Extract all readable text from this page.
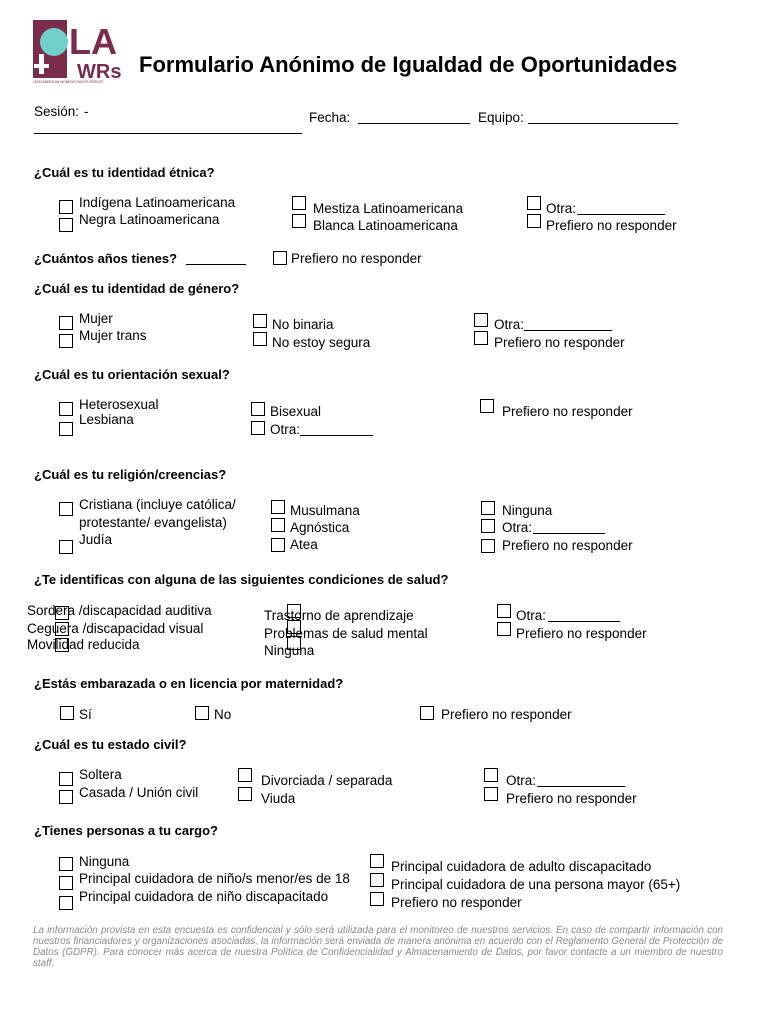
LA
WRs
LATIN AMERICAN WOMEN'S RIGHTS SERVICE
Formulario Anónimo de Igualdad de Oportunidades
Sesión: -	Fecha:	Equipo:
¿Cuál es tu identidad étnica?
Indígena Latinoamericana
Negra Latinoamericana
Mestiza Latinoamericana
Blanca Latinoamericana
Otra:
Prefiero no responder
¿Cuántos años tienes?	Prefiero no responder
¿Cuál es tu identidad de género?
Mujer
Mujer trans
No binaria
No estoy segura
Otra:
Prefiero no responder
¿Cuál es tu orientación sexual?
Heterosexual
Lesbiana
Bisexual
Otra:
Prefiero no responder
¿Cuál es tu religión/creencias?
Cristiana (incluye católica/
protestante/ evangelista)
Judía
Musulmana
Agnóstica
Atea
Ninguna
Otra:
Prefiero no responder
¿Te identificas con alguna de las siguientes condiciones de salud?
Sordera /discapacidad auditiva
Ceguera /discapacidad visual
Movilidad reducida
Trastorno de aprendizaje
Problemas de salud mental
Ninguna
Otra:
Prefiero no responder
¿Estás embarazada o en licencia por maternidad?
Sí	No	Prefiero no responder
¿Cuál es tu estado civil?
Soltera
Casada / Unión civil
Divorciada / separada
Viuda
Otra:
Prefiero no responder
¿Tienes personas a tu cargo?
Ninguna
Principal cuidadora de niño/s menor/es de 18
Principal cuidadora de niño discapacitado
Principal cuidadora de adulto discapacitado
Principal cuidadora de una persona mayor (65+)
Prefiero no responder
La información provista en esta encuesta es confidencial y sólo será utilizada para el monitoreo de nuestros servicios. En caso de compartir información con nuestros financiadores y organizaciones asociadas, la información será enviada de manera anónima en acuerdo con el Reglamento General de Protección de Datos (GDPR). Para conocer más acerca de nuestra Política de Confidencialidad y Almacenamiento de Datos, por favor contacte a un miembro de nuestro staff.
